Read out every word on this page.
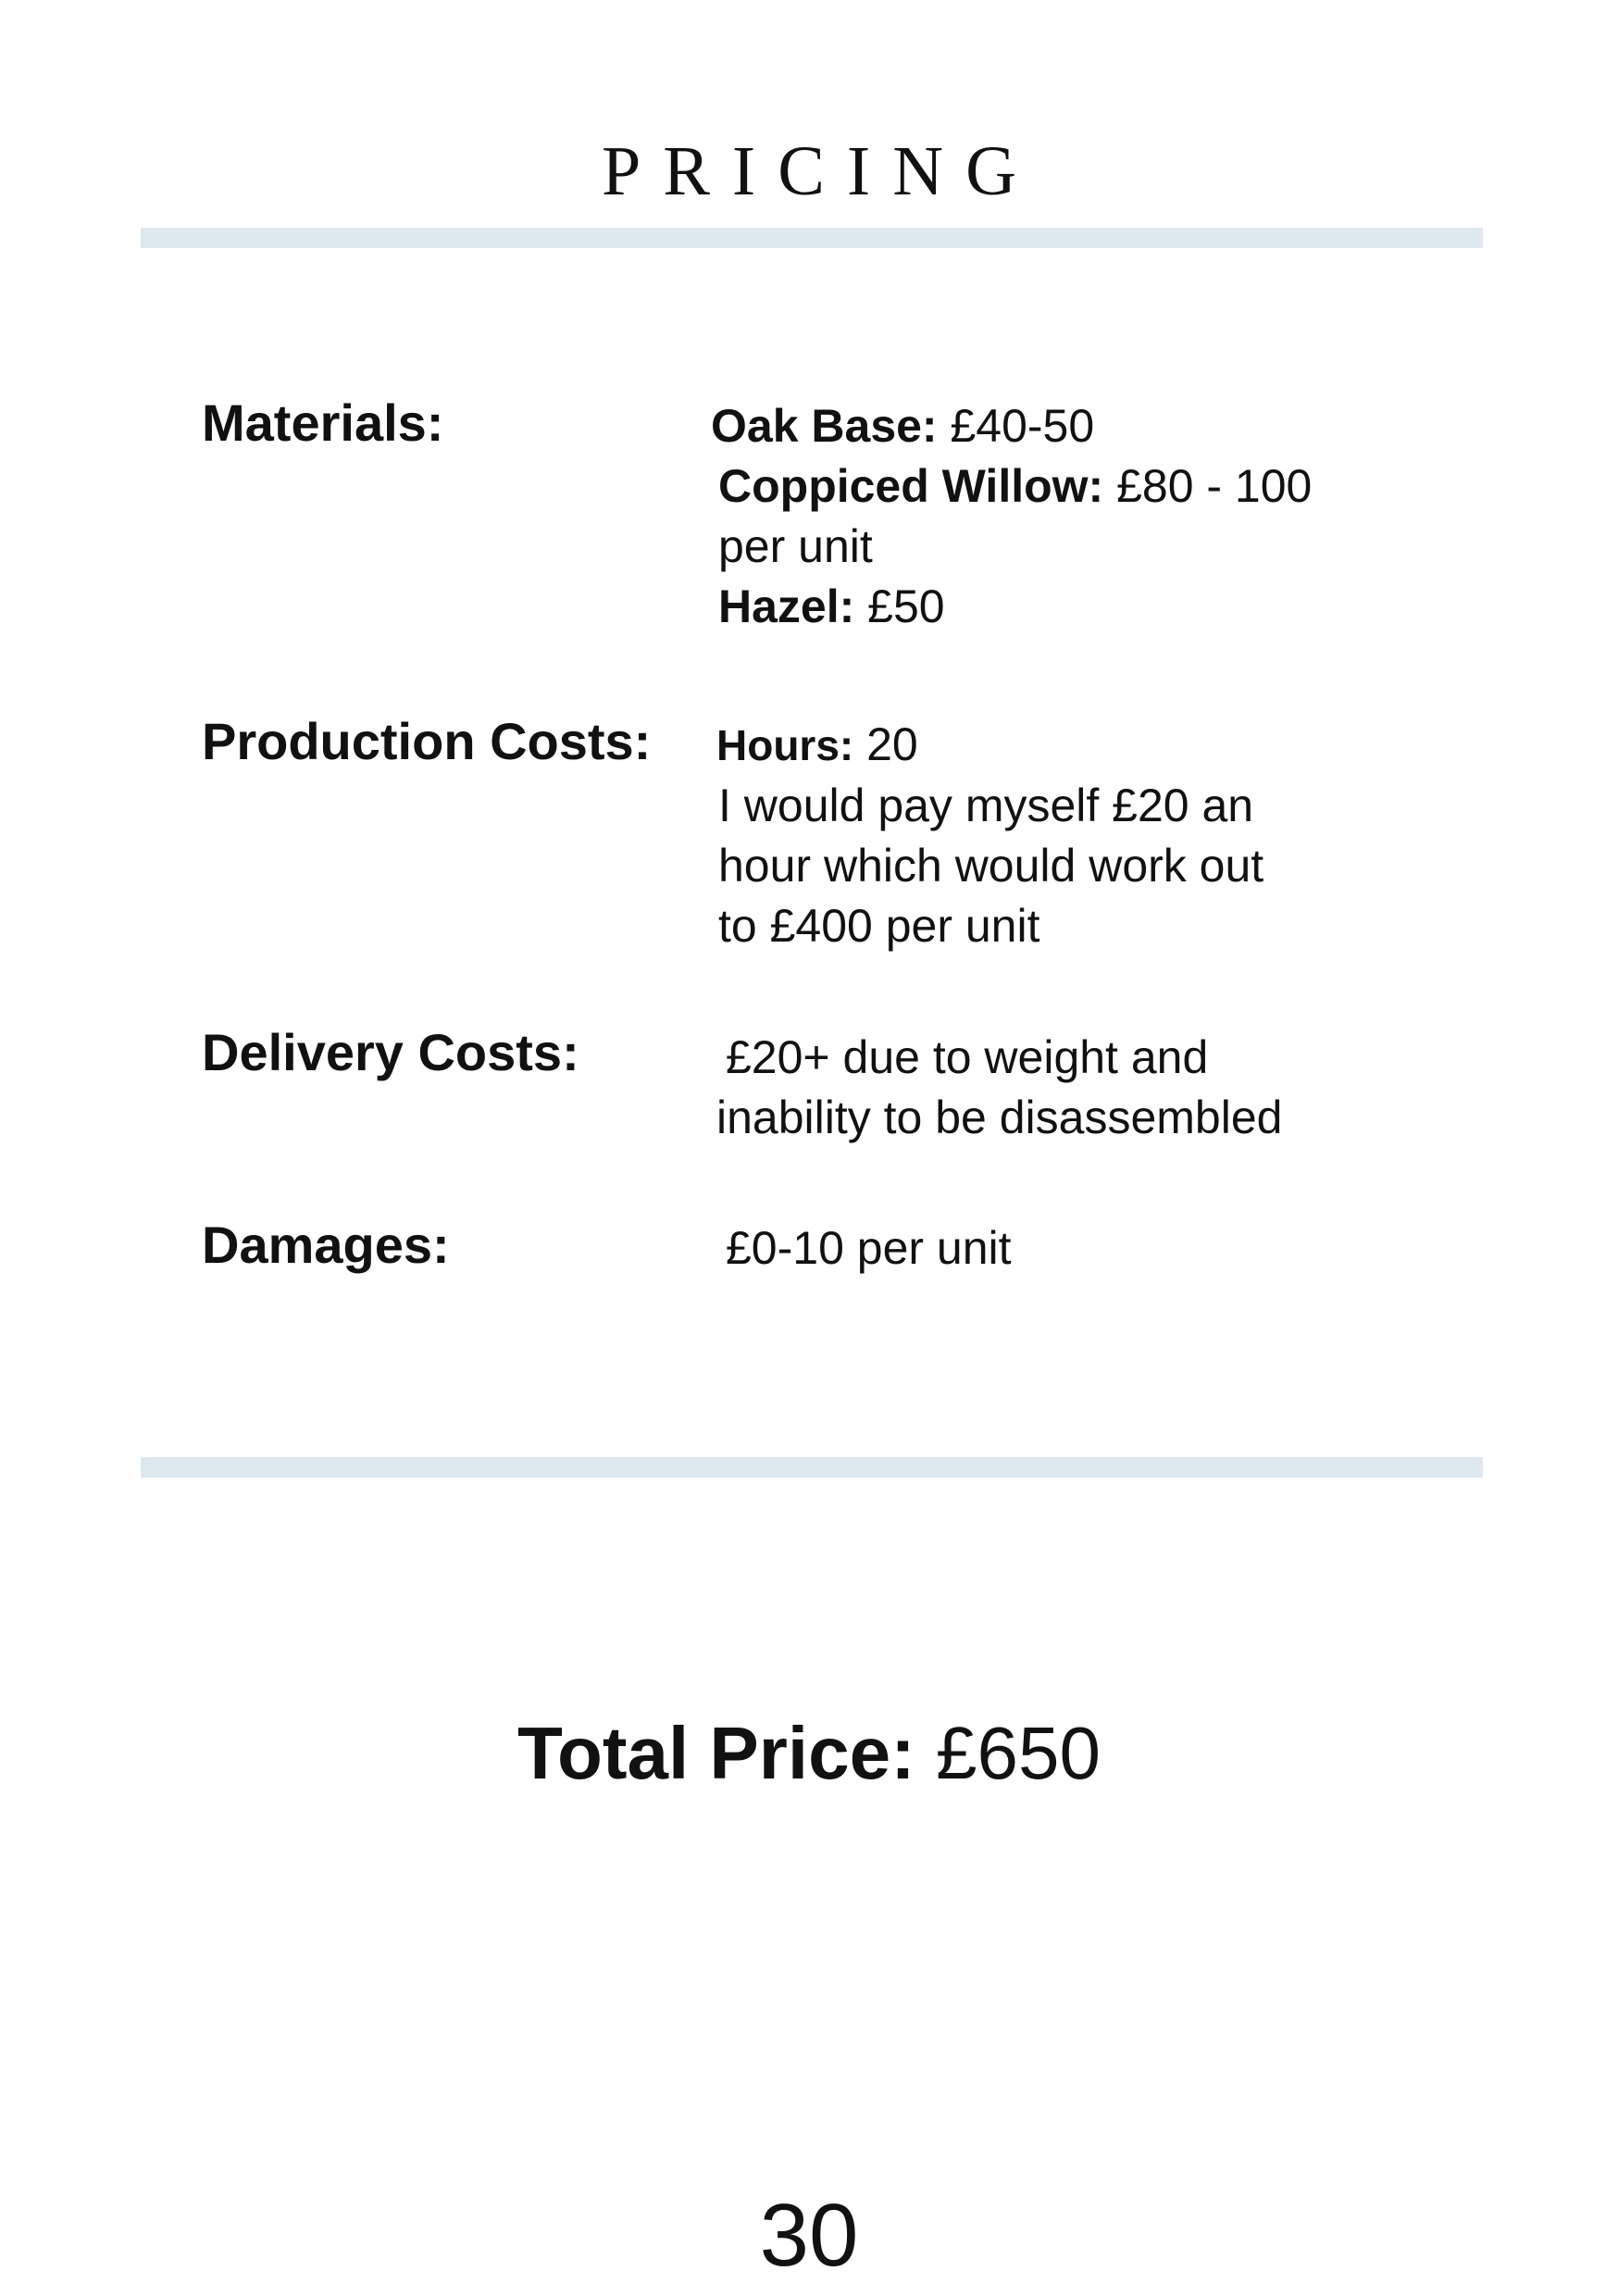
PRICING
Materials:	Oak Base: £40-50
Coppiced Willow: £80 - 100
per unit
Hazel: £50
Production Costs: Hours: 20
I would pay myself £20 an
hour which would work out
to £400 per unit
Delivery Costs:	£20+ due to weight and
inability to be disassembled
Damages:	£0-10 per unit
Total Price: £650
30
